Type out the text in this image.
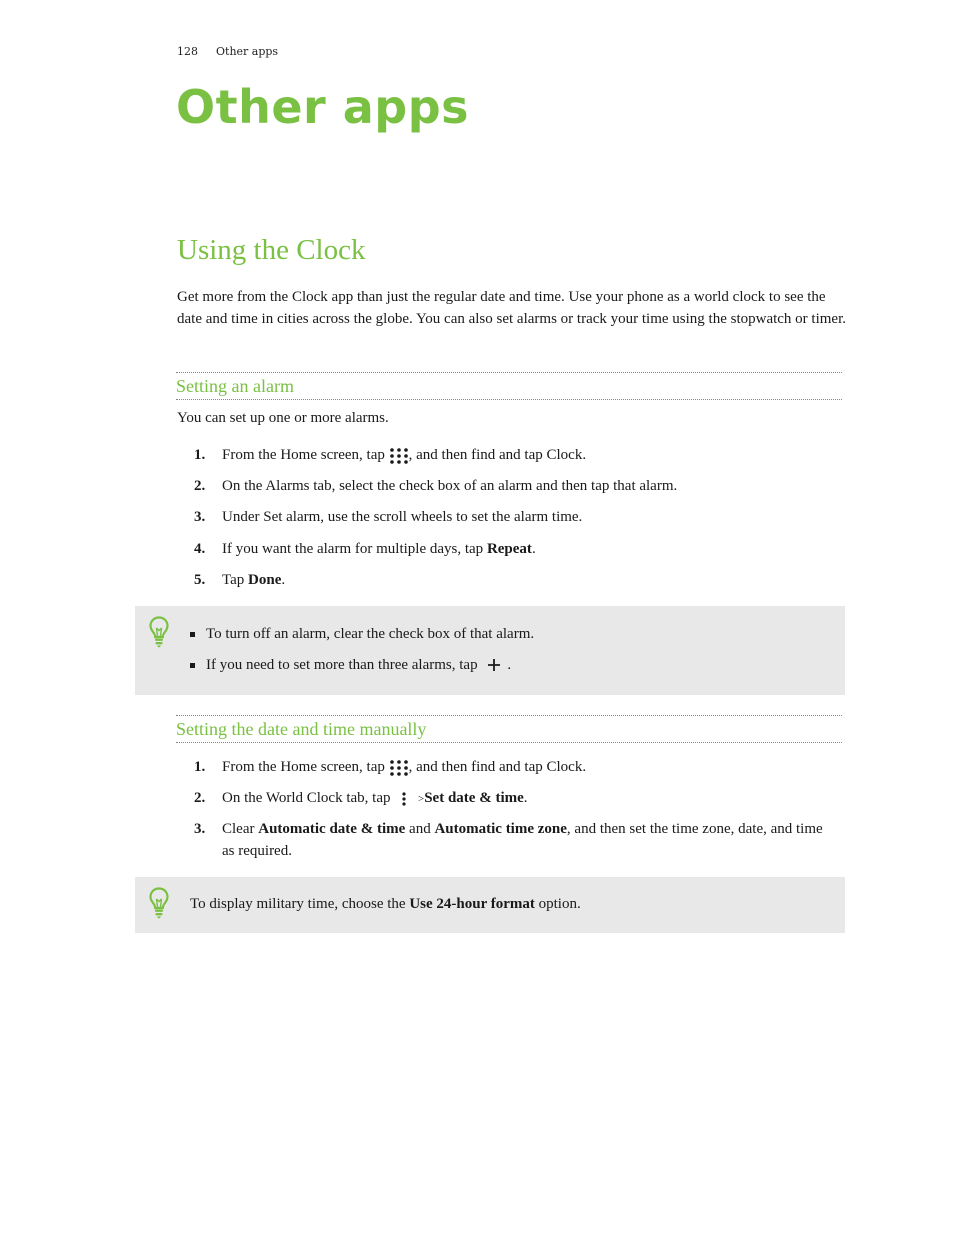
128 Other apps
Other apps
Using the Clock

Get more from the Clock app than just the regular date and time. Use your phone as a world clock to see the date and time in cities across the globe. You can also set alarms or track your time using the stopwatch or timer.

Setting an alarm

You can set up one or more alarms.

1.	From the Home screen, tap , and then find and tap Clock.
2.	On the Alarms tab, select the check box of an alarm and then tap that alarm.
3.	Under Set alarm, use the scroll wheels to set the alarm time.
4.	If you want the alarm for multiple days, tap Repeat.
5.	Tap Done.
To turn off an alarm, clear the check box of that alarm.
If you need to set more than three alarms, tap .
Setting the date and time manually
1.	From the Home screen, tap , and then find and tap Clock.
2.	On the World Clock tab, tap	>Set date & time.
3.	Clear Automatic date & time and Automatic time zone, and then set the time zone, date, and time as required.
To display military time, choose the Use 24-hour format option.
